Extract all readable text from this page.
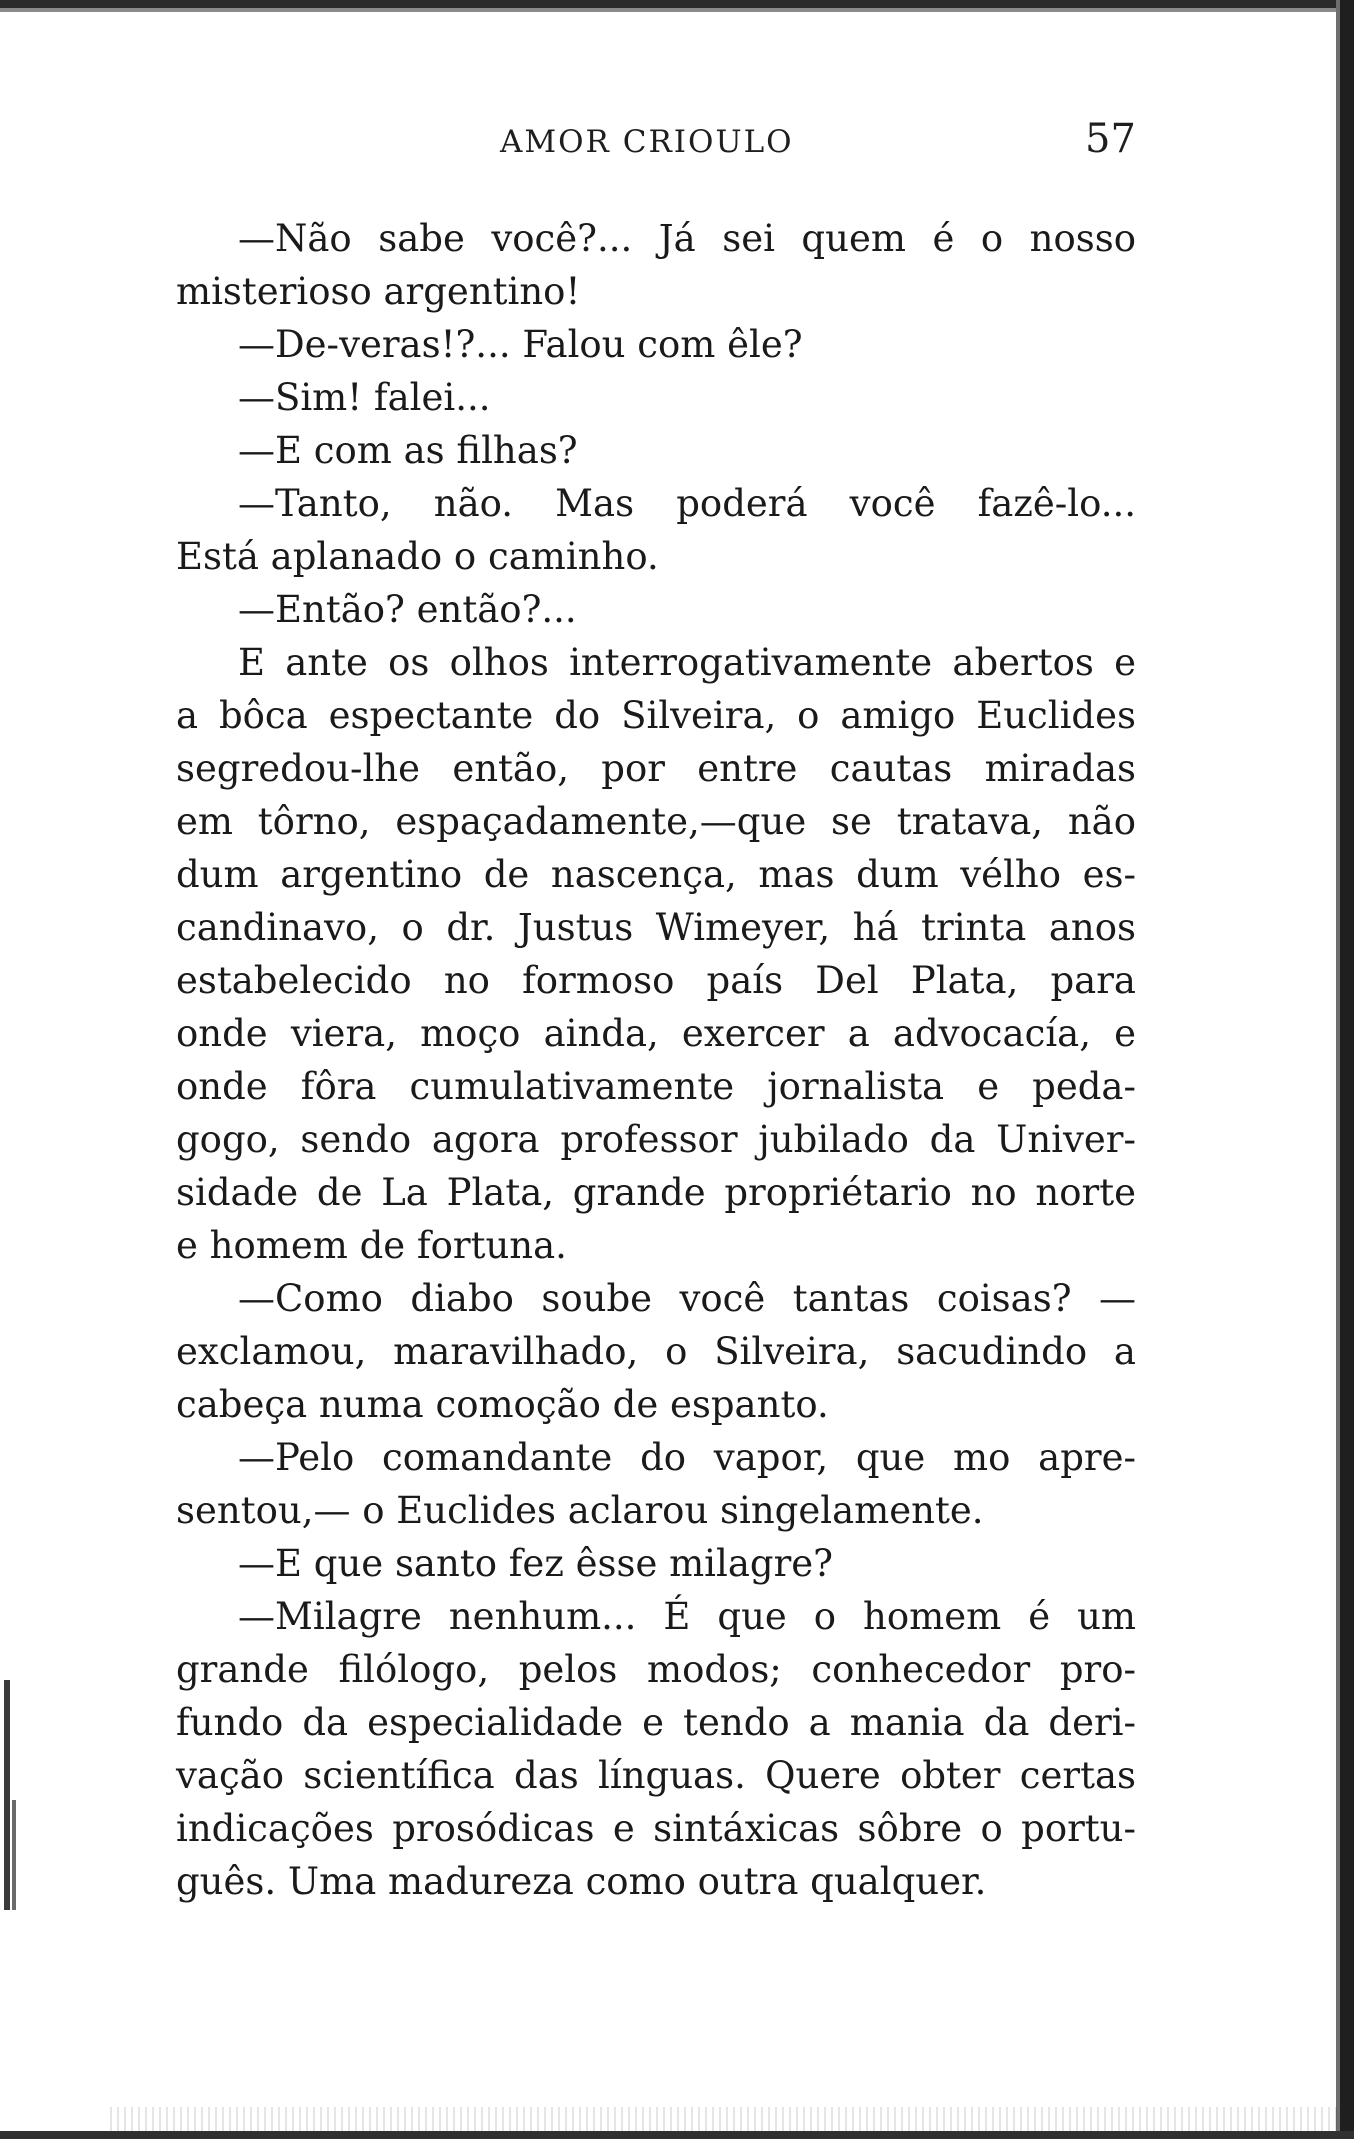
AMOR CRIOULO	57
—Não sabe você?... Já sei quem é o nosso
misterioso argentino!
—De-veras!?... Falou com êle?
—Sim! falei...
—E com as filhas?
—Tanto, não. Mas poderá você fazê-lo...
Está aplanado o caminho.
—Então? então?...
E ante os olhos interrogativamente abertos e
a bôca espectante do Silveira, o amigo Euclides
segredou-lhe então, por entre cautas miradas
em tôrno, espaçadamente,—que se tratava, não
dum argentino de nascença, mas dum vélho es-
candinavo, o dr. Justus Wimeyer, há trinta anos
estabelecido no formoso país Del Plata, para
onde viera, moço ainda, exercer a advocacía, e
onde fôra cumulativamente jornalista e peda-
gogo, sendo agora professor jubilado da Univer-
sidade de La Plata, grande propriétario no norte
e homem de fortuna.
—Como diabo soube você tantas coisas? —
exclamou, maravilhado, o Silveira, sacudindo a
cabeça numa comoção de espanto.
—Pelo comandante do vapor, que mo apre-
sentou,— o Euclides aclarou singelamente.
—E que santo fez êsse milagre?
—Milagre nenhum... É que o homem é um
grande filólogo, pelos modos; conhecedor pro-
fundo da especialidade e tendo a mania da deri-
vação scientífica das línguas. Quere obter certas
indicações prosódicas e sintáxicas sôbre o portu-
guês. Uma madureza como outra qualquer.
